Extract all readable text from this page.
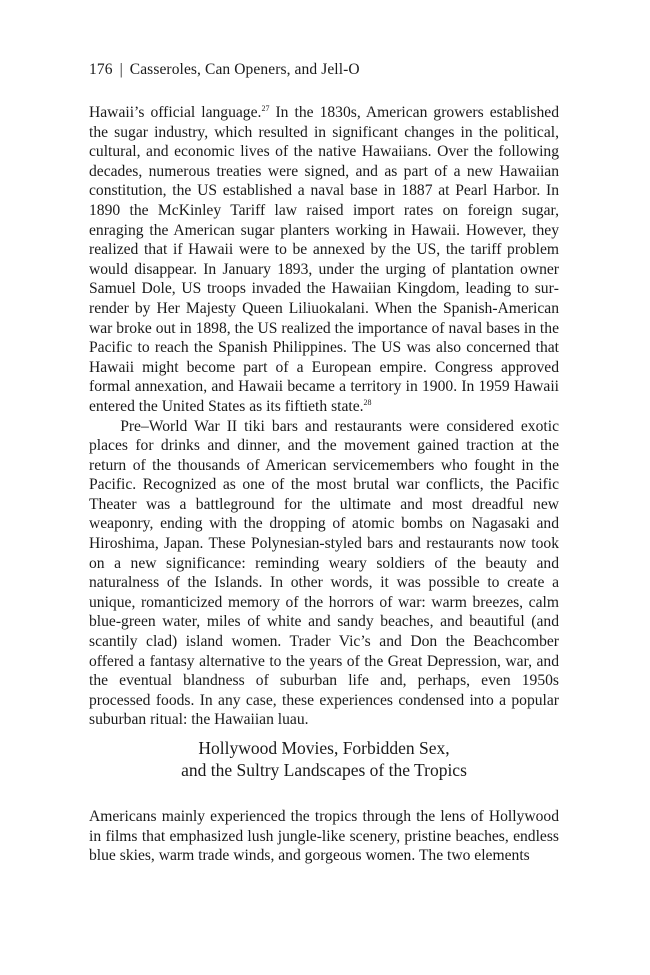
176 | Casseroles, Can Openers, and Jell-O

Hawaii’s official language.$^{27}$ In the 1830s, American growers established the sugar industry, which resulted in significant changes in the political, cultural, and economic lives of the native Hawaiians. Over the following decades, numerous treaties were signed, and as part of a new Hawaiian constitution, the US established a naval base in 1887 at Pearl Harbor. In 1890 the McKinley Tariff law raised import rates on foreign sugar, enraging the American sugar planters working in Hawaii. However, they realized that if Hawaii were to be annexed by the US, the tariff problem would disappear. In January 1893, under the urging of plantation owner Samuel Dole, US troops invaded the Hawaiian Kingdom, leading to surrender by Her Majesty Queen Liliuokalani. When the Spanish-American war broke out in 1898, the US realized the importance of naval bases in the Pacific to reach the Spanish Philippines. The US was also concerned that Hawaii might become part of a European empire. Congress approved formal annexation, and Hawaii became a territory in 1900. In 1959 Hawaii entered the United States as its fiftieth state.$^{28}$

Pre–World War II tiki bars and restaurants were considered exotic places for drinks and dinner, and the movement gained traction at the return of the thousands of American servicemembers who fought in the Pacific. Recognized as one of the most brutal war conflicts, the Pacific Theater was a battleground for the ultimate and most dreadful new weaponry, ending with the dropping of atomic bombs on Nagasaki and Hiroshima, Japan. These Polynesian-styled bars and restaurants now took on a new significance: reminding weary soldiers of the beauty and naturalness of the Islands. In other words, it was possible to create a unique, romanticized memory of the horrors of war: warm breezes, calm blue-green water, miles of white and sandy beaches, and beautiful (and scantily clad) island women. Trader Vic’s and Don the Beachcomber offered a fantasy alternative to the years of the Great Depression, war, and the eventual blandness of suburban life and, perhaps, even 1950s processed foods. In any case, these experiences condensed into a popular suburban ritual: the Hawaiian luau.

Hollywood Movies, Forbidden Sex,
and the Sultry Landscapes of the Tropics

Americans mainly experienced the tropics through the lens of Hollywood in films that emphasized lush jungle-like scenery, pristine beaches, endless blue skies, warm trade winds, and gorgeous women. The two elements
